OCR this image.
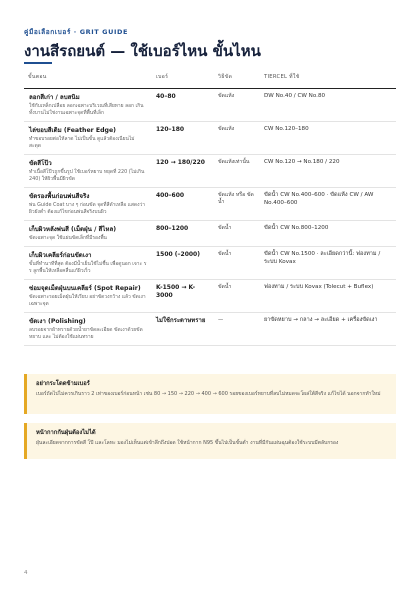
คู่มือเลือกเบอร์ · GRIT GUIDE
งานสีรถยนต์ — ใช้เบอร์ไหน ขั้นไหน
ขั้นตอน	เบอร์	วิธีขัด	TIERCEL ที่ใช้

ลอกสีเก่า / ลบสนิม
ใช้กับเหล็กเปลือย ลอกเฉพาะบริเวณที่เสียหาย ลอก เกินทั้งบานไม่ใช่งานเฉพาะจุดที่พื้นที่เล็ก	40–80	ขัดแห้ง	DW No.40 / CW No.80

ไล่ขอบสีเดิม (Feather Edge)
ทำขอบรอยต่อให้ลาด ไม่เป็นขั้น ดูแล้วต้องเนียนไม่ สะดุด	120–180	ขัดแห้ง	CW No.120–180

ขัดสีโป๊ว
ทำเนื้อสีโป๊วถูกขึ้นรูป ใช้เบอร์หยาบ หยุดที่ 220 (ไม่เกิน 240) ให้ผิวพื้นมีผิวขัด	120 → 180/220	ขัดแห้งเท่านั้น	CW No.120 → No.180 / 220

ขัดรองพื้นก่อนพ่นสีจริง
พ่น Guide Coat บาง ๆ ก่อนขัด จุดที่สีดำเหลือ แสดงว่าผิวยังต่ำ ต้องแก้ไขก่อนพ่นสีจริงบนผิว	400–600	ขัดแห้ง หรือ ขัดน้ำ	ขัดน้ำ CW No.400–600 · ขัดแห้ง CW / AW No.400–600

เก็บผิวหลังพ่นสี (เม็ดฝุ่น / สีไหล)
ขัดเฉพาะจุด ใช้แผ่นขัดเล็กที่มีรองพื้น	800–1200	ขัดน้ำ	ขัดน้ำ CW No.800–1200

เก็บผิวเคลียร์ก่อนขัดเงา
ขั้นที่ทำนาทีที่สุด ต้องมีน้ำเย็นใช้ไม่ชื้น เพื่อดูนอก เจาะ ร ร ลูกพื้นให้เหลือคลื่นแก้ผิวเร็ว	1500 (–2000)	ขัดน้ำ	ขัดน้ำ CW No.1500 · ละเอียดกว่านี้: ฟองทาม / ระบบ Kovax

ซ่อมจุดเม็ดฝุ่นบนเคลียร์ (Spot Repair)
ขัดเฉพาะรอยเม็ดฝุ่นให้เรียบ อย่าขัดวงกว้าง แล้ว ขัดเงาเฉพาะจุด	K-1500 → K-3000	ขัดน้ำ	ฟองทาม / ระบบ Kovax (Tolecut + Buflex)

ขัดเงา (Polishing)
ลบรอยจากผ้าทรายด้วยน้ำยาขัดละเอียด ขัดเงาด้วยขัดหยาบ และ ไม่ต้องใช้แผ่นทราย	ไม่ใช้กระดาษทราย	—	ยาขัดหยาบ → กลาง → ละเอียด + เครื่องขัดเงา
อย่ากระโดดข้ามเบอร์
เบอร์ถัดไปไม่ควรเกินราว 2 เท่าของเบอร์ก่อนหน้า เช่น 80 → 150 → 220 → 400 → 600 รอยของเบอร์หยาบที่ลบไม่หมดจะโผล่ใต้สีจริง แก้ไขได้ นอกจากทำใหม่
หน้ากากกันฝุ่นต้องไม่ได้
ฝุ่นละเอียดจากการขัดสี โป๊ และโลหะ มองไม่เห็นแต่เข้าลึกถึงปอด ใช้หน้ากาก N95 ขึ้นไปเป็นขั้นต่ำ งานที่มีกันแผ่นฉุนต้องใช้ระบบมีตลับกรอง
4
